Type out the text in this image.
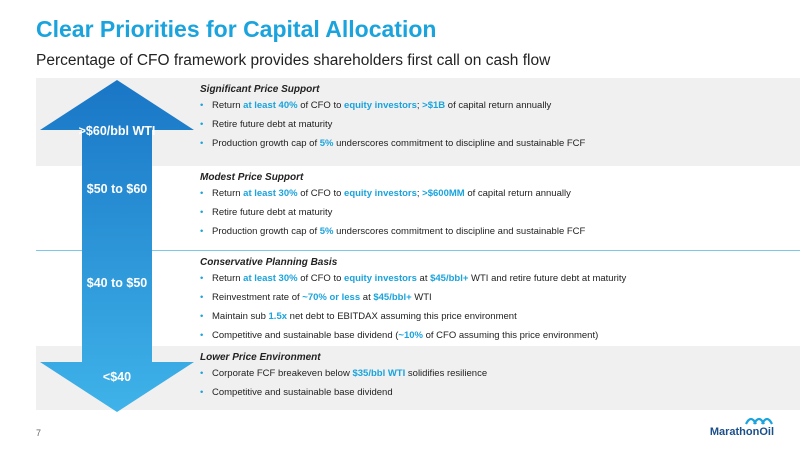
Clear Priorities for Capital Allocation
Percentage of CFO framework provides shareholders first call on cash flow
>$60/bbl WTI
$50 to $60
$40 to $50
<$40
Significant Price Support
• Return at least 40% of CFO to equity investors; >$1B of capital return annually
• Retire future debt at maturity
• Production growth cap of 5% underscores commitment to discipline and sustainable FCF
Modest Price Support
• Return at least 30% of CFO to equity investors; >$600MM of capital return annually
• Retire future debt at maturity
• Production growth cap of 5% underscores commitment to discipline and sustainable FCF
Conservative Planning Basis
• Return at least 30% of CFO to equity investors at $45/bbl+ WTI and retire future debt at maturity
• Reinvestment rate of ~70% or less at $45/bbl+ WTI
• Maintain sub 1.5x net debt to EBITDAX assuming this price environment
• Competitive and sustainable base dividend (~10% of CFO assuming this price environment)
Lower Price Environment
• Corporate FCF breakeven below $35/bbl WTI solidifies resilience
• Competitive and sustainable base dividend
7	MarathonOil
